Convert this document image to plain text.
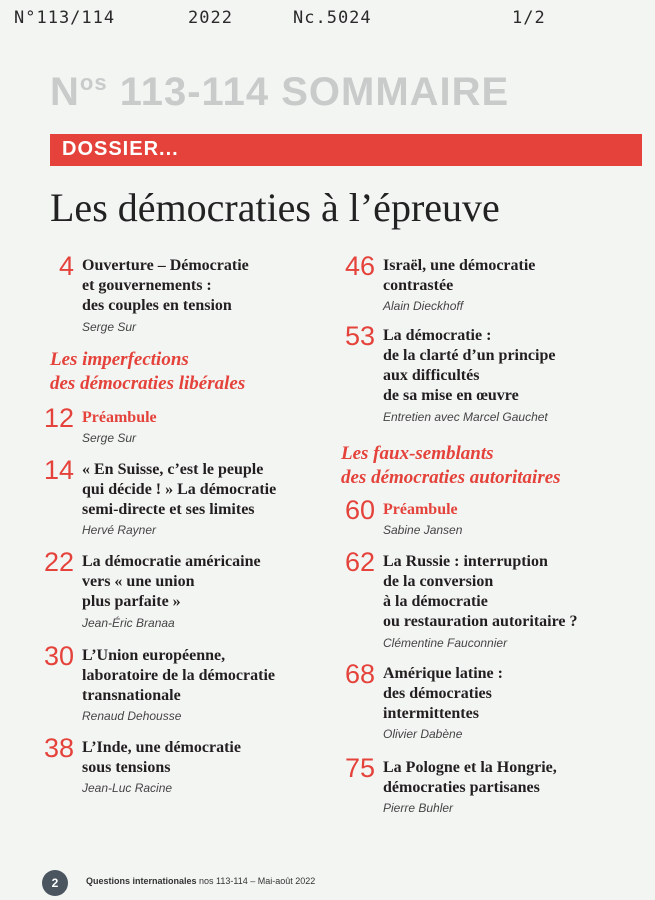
N°113/114	2022	Nc.5024	1/2
$N^{os}$ 113-114 SOMMAIRE
DOSSIER...
Les démocraties à l’épreuve
4 Ouverture – Démocratie
et gouvernements :
des couples en tension
Serge Sur
Les imperfections
des démocraties libérales
12 Préambule
Serge Sur
14 « En Suisse, c’est le peuple
qui décide ! » La démocratie
semi-directe et ses limites
Hervé Rayner
22 La démocratie américaine
vers « une union
plus parfaite »
Jean-Éric Branaa
30 L’Union européenne,
laboratoire de la démocratie
transnationale
Renaud Dehousse
38 L’Inde, une démocratie
sous tensions
Jean-Luc Racine
46 Israël, une démocratie
contrastée
Alain Dieckhoff
53 La démocratie :
de la clarté d’un principe
aux difficultés
de sa mise en œuvre
Entretien avec Marcel Gauchet
Les faux-semblants
des démocraties autoritaires
60 Préambule
Sabine Jansen
62 La Russie : interruption
de la conversion
à la démocratie
ou restauration autoritaire ?
Clémentine Fauconnier
68 Amérique latine :
des démocraties
intermittentes
Olivier Dabène
75 La Pologne et la Hongrie,
démocraties partisanes
Pierre Buhler
2	Questions internationales nos 113-114 – Mai-août 2022
